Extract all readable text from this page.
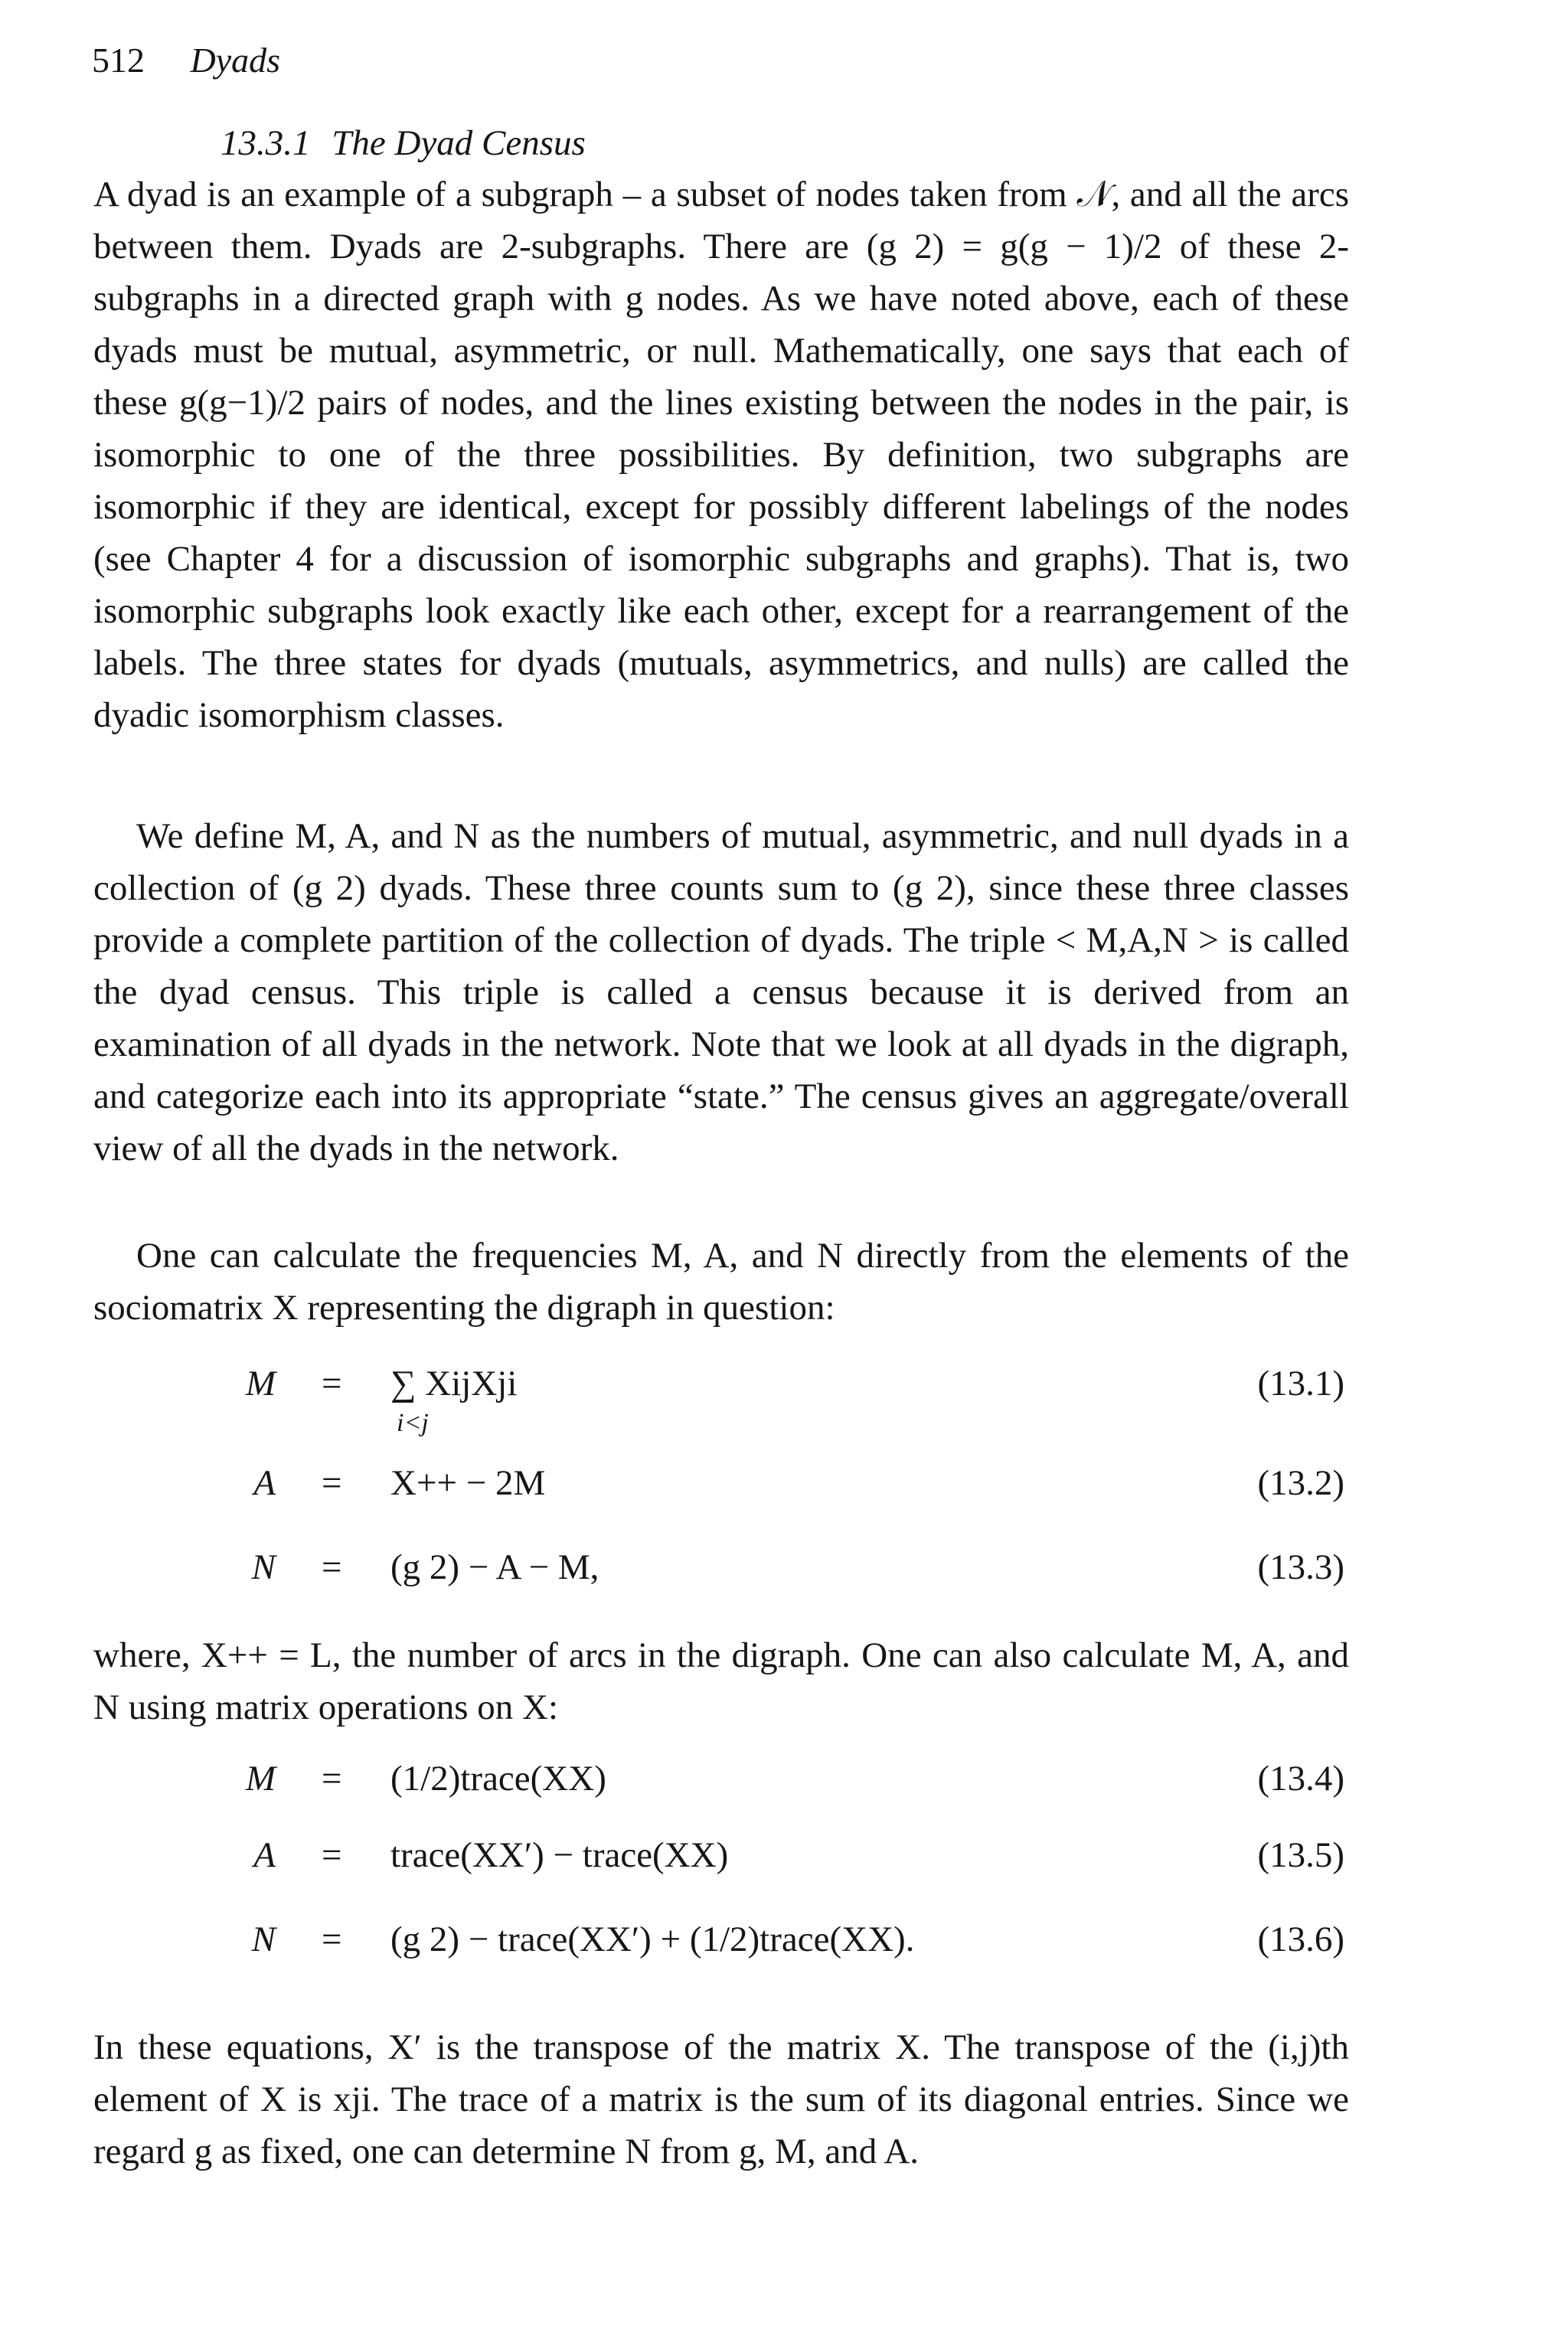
512 Dyads
13.3.1 The Dyad Census

A dyad is an example of a subgraph – a subset of nodes taken from 𝒩, and all the arcs between them. Dyads are 2-subgraphs. There are (g 2) = g(g − 1)/2 of these 2-subgraphs in a directed graph with g nodes. As we have noted above, each of these dyads must be mutual, asymmetric, or null. Mathematically, one says that each of these g(g−1)/2 pairs of nodes, and the lines existing between the nodes in the pair, is isomorphic to one of the three possibilities. By definition, two subgraphs are isomorphic if they are identical, except for possibly different labelings of the nodes (see Chapter 4 for a discussion of isomorphic subgraphs and graphs). That is, two isomorphic subgraphs look exactly like each other, except for a rearrangement of the labels. The three states for dyads (mutuals, asymmetrics, and nulls) are called the dyadic isomorphism classes.

We define M, A, and N as the numbers of mutual, asymmetric, and null dyads in a collection of (g 2) dyads. These three counts sum to (g 2), since these three classes provide a complete partition of the collection of dyads. The triple < M,A,N > is called the dyad census. This triple is called a census because it is derived from an examination of all dyads in the network. Note that we look at all dyads in the digraph, and categorize each into its appropriate “state.” The census gives an aggregate/overall view of all the dyads in the network.

One can calculate the frequencies M, A, and N directly from the elements of the sociomatrix X representing the digraph in question:

M = ∑ XijXji
i<j
(13.1)
A = X++ − 2M	(13.2)
N = (g 2) − A − M,	(13.3)

where, X++ = L, the number of arcs in the digraph. One can also calculate M, A, and N using matrix operations on X:

M = (1/2)trace(XX)	(13.4)
A = trace(XX′) − trace(XX)	(13.5)
N = (g 2) − trace(XX′) + (1/2)trace(XX).	(13.6)

In these equations, X′ is the transpose of the matrix X. The transpose of the (i,j)th element of X is xji. The trace of a matrix is the sum of its diagonal entries. Since we regard g as fixed, one can determine N from g, M, and A.
